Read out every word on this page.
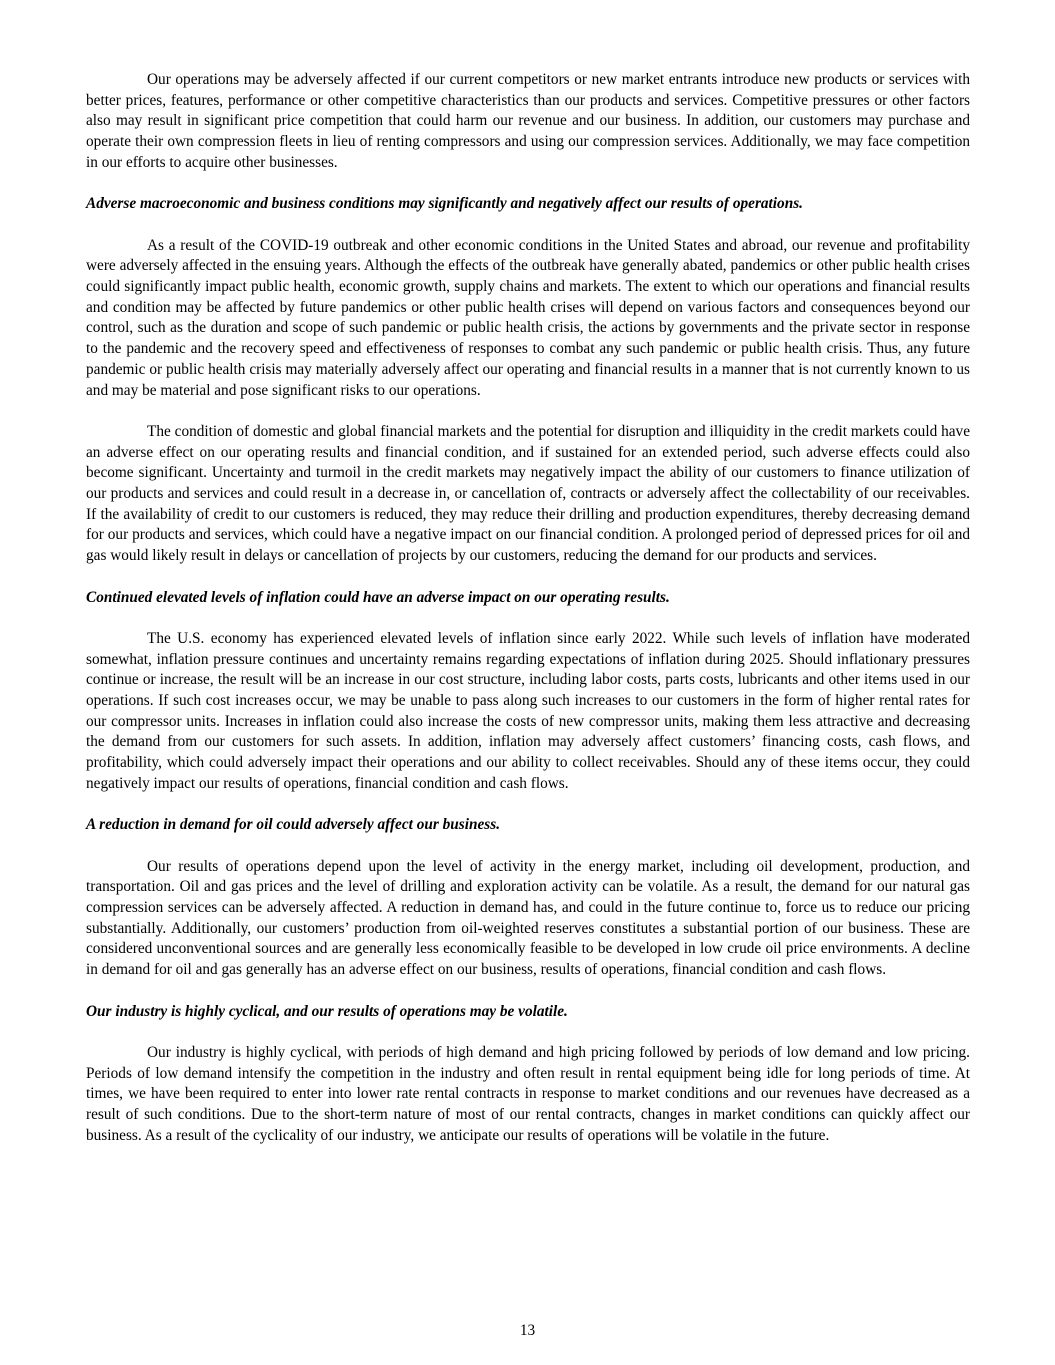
Our operations may be adversely affected if our current competitors or new market entrants introduce new products or services with better prices, features, performance or other competitive characteristics than our products and services. Competitive pressures or other factors also may result in significant price competition that could harm our revenue and our business. In addition, our customers may purchase and operate their own compression fleets in lieu of renting compressors and using our compression services. Additionally, we may face competition in our efforts to acquire other businesses.

Adverse macroeconomic and business conditions may significantly and negatively affect our results of operations.

As a result of the COVID-19 outbreak and other economic conditions in the United States and abroad, our revenue and profitability were adversely affected in the ensuing years. Although the effects of the outbreak have generally abated, pandemics or other public health crises could significantly impact public health, economic growth, supply chains and markets. The extent to which our operations and financial results and condition may be affected by future pandemics or other public health crises will depend on various factors and consequences beyond our control, such as the duration and scope of such pandemic or public health crisis, the actions by governments and the private sector in response to the pandemic and the recovery speed and effectiveness of responses to combat any such pandemic or public health crisis. Thus, any future pandemic or public health crisis may materially adversely affect our operating and financial results in a manner that is not currently known to us and may be material and pose significant risks to our operations.

The condition of domestic and global financial markets and the potential for disruption and illiquidity in the credit markets could have an adverse effect on our operating results and financial condition, and if sustained for an extended period, such adverse effects could also become significant. Uncertainty and turmoil in the credit markets may negatively impact the ability of our customers to finance utilization of our products and services and could result in a decrease in, or cancellation of, contracts or adversely affect the collectability of our receivables. If the availability of credit to our customers is reduced, they may reduce their drilling and production expenditures, thereby decreasing demand for our products and services, which could have a negative impact on our financial condition. A prolonged period of depressed prices for oil and gas would likely result in delays or cancellation of projects by our customers, reducing the demand for our products and services.

Continued elevated levels of inflation could have an adverse impact on our operating results.

The U.S. economy has experienced elevated levels of inflation since early 2022. While such levels of inflation have moderated somewhat, inflation pressure continues and uncertainty remains regarding expectations of inflation during 2025. Should inflationary pressures continue or increase, the result will be an increase in our cost structure, including labor costs, parts costs, lubricants and other items used in our operations. If such cost increases occur, we may be unable to pass along such increases to our customers in the form of higher rental rates for our compressor units. Increases in inflation could also increase the costs of new compressor units, making them less attractive and decreasing the demand from our customers for such assets. In addition, inflation may adversely affect customers’ financing costs, cash flows, and profitability, which could adversely impact their operations and our ability to collect receivables. Should any of these items occur, they could negatively impact our results of operations, financial condition and cash flows.

A reduction in demand for oil could adversely affect our business.

Our results of operations depend upon the level of activity in the energy market, including oil development, production, and transportation. Oil and gas prices and the level of drilling and exploration activity can be volatile. As a result, the demand for our natural gas compression services can be adversely affected. A reduction in demand has, and could in the future continue to, force us to reduce our pricing substantially. Additionally, our customers’ production from oil-weighted reserves constitutes a substantial portion of our business. These are considered unconventional sources and are generally less economically feasible to be developed in low crude oil price environments. A decline in demand for oil and gas generally has an adverse effect on our business, results of operations, financial condition and cash flows.

Our industry is highly cyclical, and our results of operations may be volatile.

Our industry is highly cyclical, with periods of high demand and high pricing followed by periods of low demand and low pricing. Periods of low demand intensify the competition in the industry and often result in rental equipment being idle for long periods of time. At times, we have been required to enter into lower rate rental contracts in response to market conditions and our revenues have decreased as a result of such conditions. Due to the short-term nature of most of our rental contracts, changes in market conditions can quickly affect our business. As a result of the cyclicality of our industry, we anticipate our results of operations will be volatile in the future.

13
